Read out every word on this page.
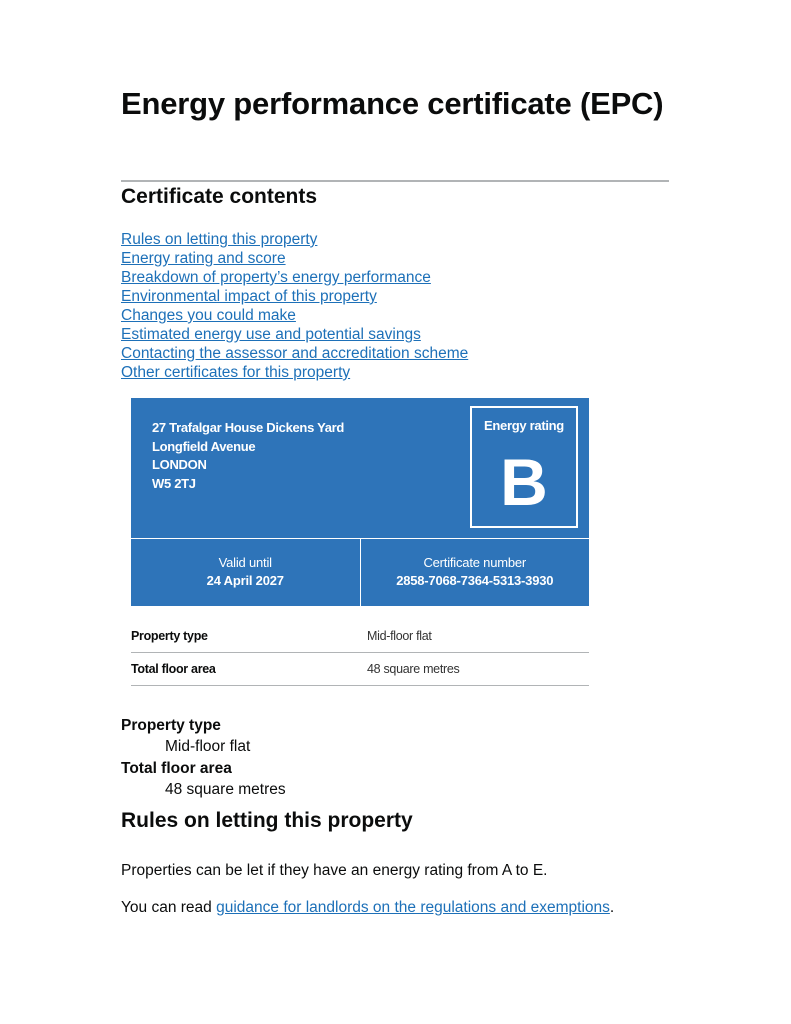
Energy performance certificate (EPC)
Certificate contents
Rules on letting this property
Energy rating and score
Breakdown of property’s energy performance
Environmental impact of this property
Changes you could make
Estimated energy use and potential savings
Contacting the assessor and accreditation scheme
Other certificates for this property
27 Trafalgar House Dickens Yard
Longfield Avenue
LONDON
W5 2TJ
Energy rating
B
Valid until
24 April 2027
Certificate number
2858-7068-7364-5313-3930
Property type	Mid-floor flat
Total floor area	48 square metres
Property type
Mid-floor flat
Total floor area
48 square metres
Rules on letting this property

Properties can be let if they have an energy rating from A to E.

You can read guidance for landlords on the regulations and exemptions.
